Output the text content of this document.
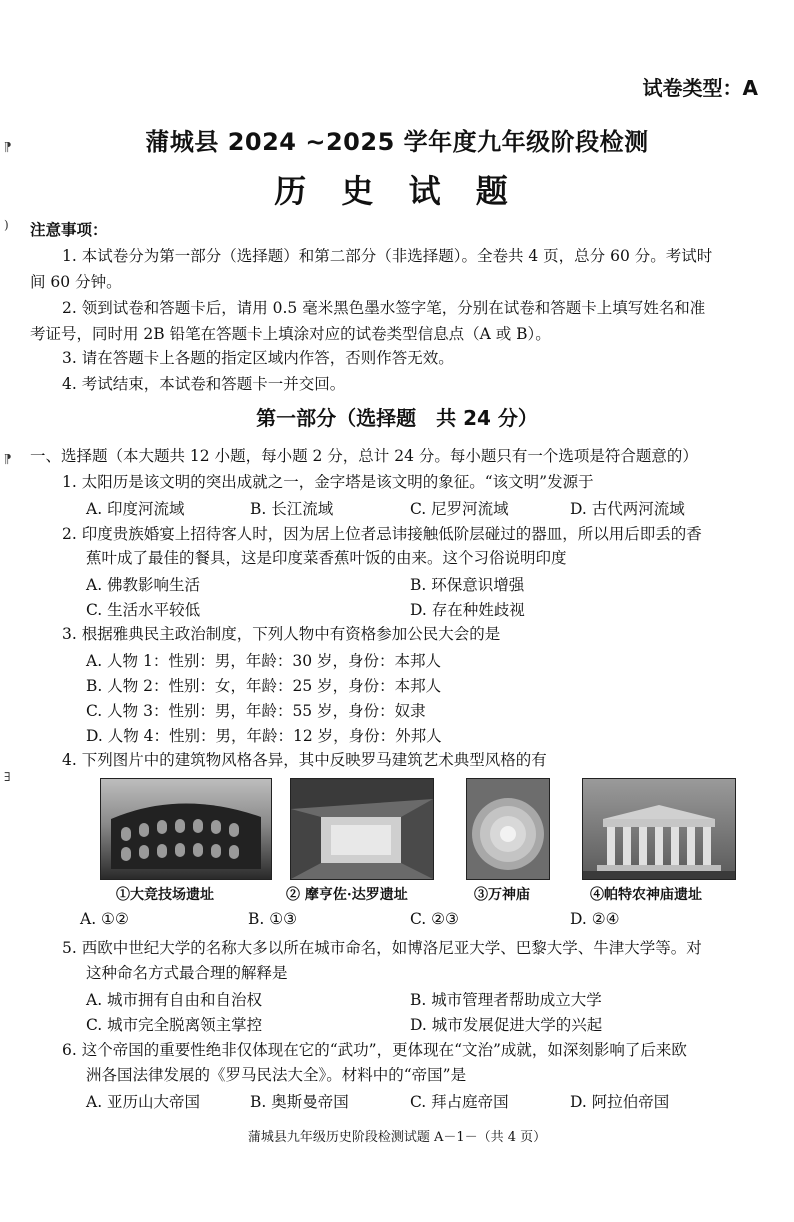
⁋
)
⁋
∃
试卷类型：A
蒲城县 2024 ~2025 学年度九年级阶段检测
历 史 试 题
注意事项：
1. 本试卷分为第一部分（选择题）和第二部分（非选择题）。全卷共 4 页，总分 60 分。考试时
间 60 分钟。
2. 领到试卷和答题卡后，请用 0.5 毫米黑色墨水签字笔，分别在试卷和答题卡上填写姓名和准
考证号，同时用 2B 铅笔在答题卡上填涂对应的试卷类型信息点（A 或 B）。
3. 请在答题卡上各题的指定区域内作答，否则作答无效。
4. 考试结束，本试卷和答题卡一并交回。
第一部分（选择题　共 24 分）
一、选择题（本大题共 12 小题，每小题 2 分，总计 24 分。每小题只有一个选项是符合题意的）
1. 太阳历是该文明的突出成就之一，金字塔是该文明的象征。“该文明”发源于
A. 印度河流域	B. 长江流域	C. 尼罗河流域	D. 古代两河流域
2. 印度贵族婚宴上招待客人时，因为居上位者忌讳接触低阶层碰过的器皿，所以用后即丢的香
蕉叶成了最佳的餐具，这是印度菜香蕉叶饭的由来。这个习俗说明印度
A. 佛教影响生活	B. 环保意识增强
C. 生活水平较低	D. 存在种姓歧视
3. 根据雅典民主政治制度，下列人物中有资格参加公民大会的是
A. 人物 1：性别：男，年龄：30 岁，身份：本邦人
B. 人物 2：性别：女，年龄：25 岁，身份：本邦人
C. 人物 3：性别：男，年龄：55 岁，身份：奴隶
D. 人物 4：性别：男，年龄：12 岁，身份：外邦人
4. 下列图片中的建筑物风格各异，其中反映罗马建筑艺术典型风格的有
①大竞技场遗址	② 摩亨佐·达罗遗址	③万神庙	④帕特农神庙遗址
A. ①②	B. ①③	C. ②③	D. ②④
5. 西欧中世纪大学的名称大多以所在城市命名，如博洛尼亚大学、巴黎大学、牛津大学等。对
这种命名方式最合理的解释是
A. 城市拥有自由和自治权	B. 城市管理者帮助成立大学
C. 城市完全脱离领主掌控	D. 城市发展促进大学的兴起
6. 这个帝国的重要性绝非仅体现在它的“武功”，更体现在“文治”成就，如深刻影响了后来欧
洲各国法律发展的《罗马民法大全》。材料中的“帝国”是
A. 亚历山大帝国	B. 奥斯曼帝国	C. 拜占庭帝国	D. 阿拉伯帝国
蒲城县九年级历史阶段检测试题 A－1－（共 4 页）
